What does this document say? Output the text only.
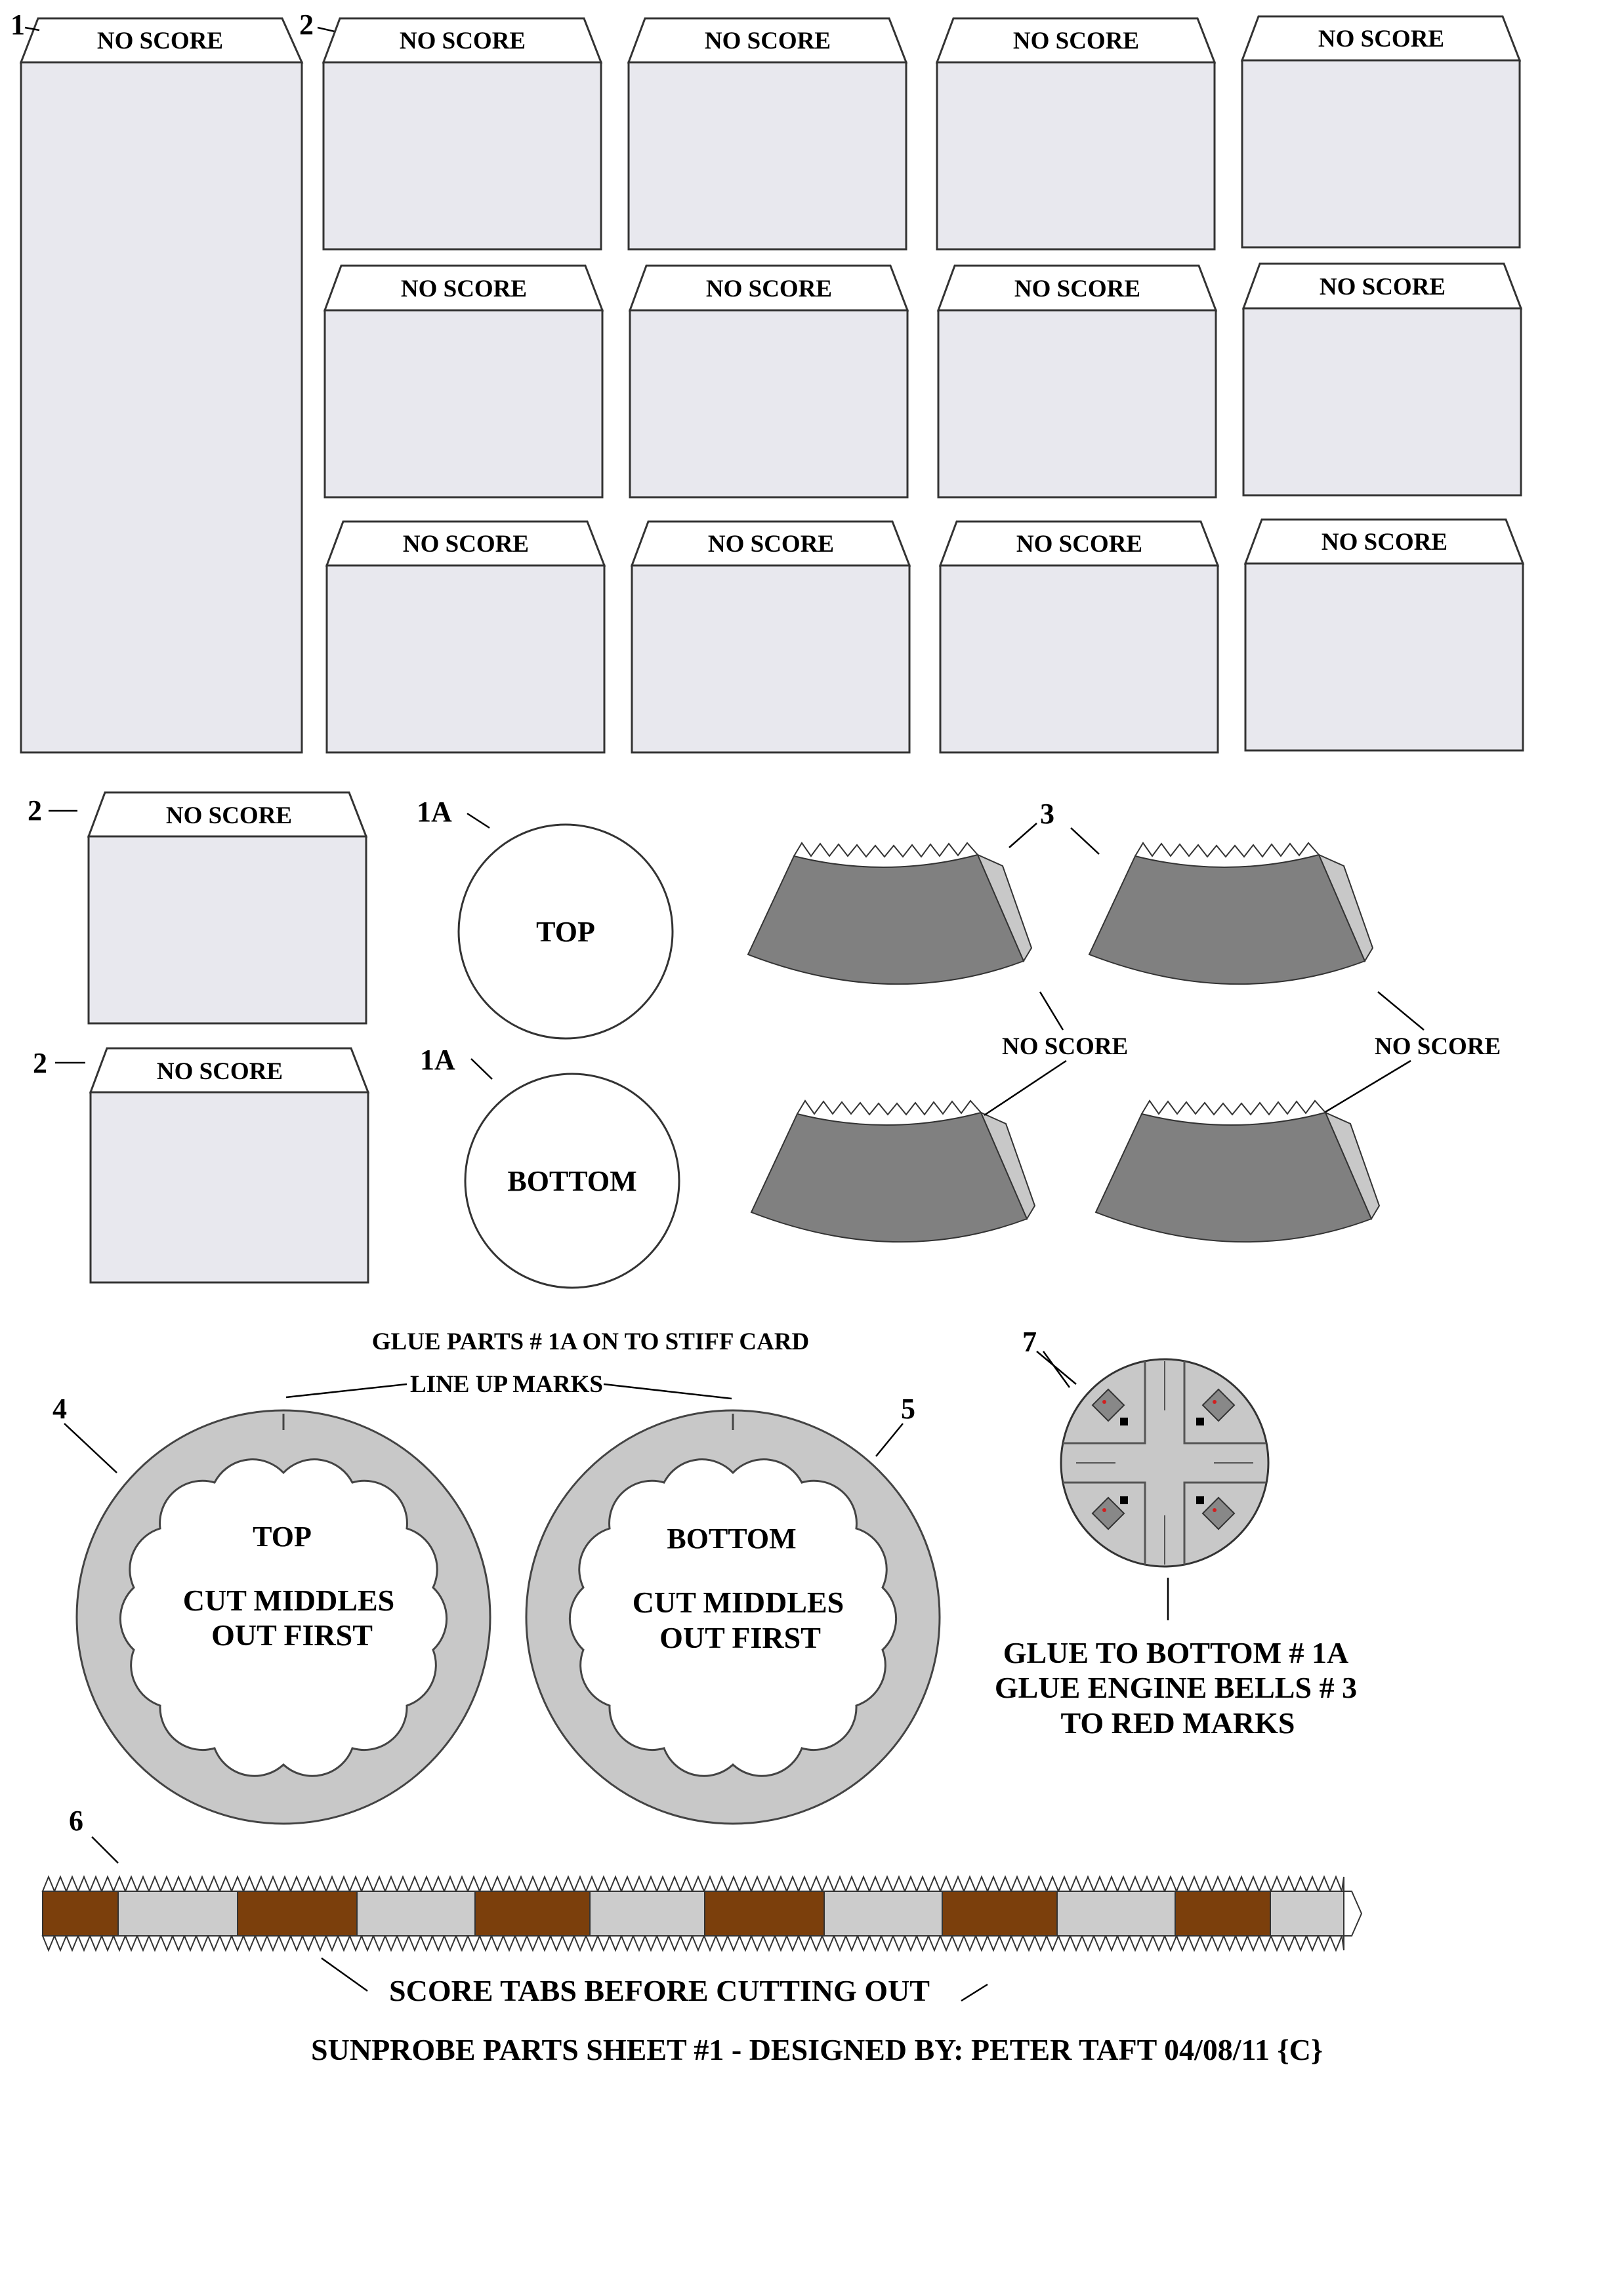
NO SCORE
1	2
NO SCORE	NO SCORE	NO SCORE	NO SCORE
NO SCORE	NO SCORE	NO SCORE	NO SCORE
NO SCORE	NO SCORE	NO SCORE	NO SCORE
NO SCORE
2
NO SCORE
2
TOP
1A
BOTTOM
1A
3
NO SCORE	NO SCORE
GLUE PARTS # 1A ON TO STIFF CARD
LINE UP MARKS
TOP
CUT MIDDLES
OUT FIRST
4
BOTTOM
CUT MIDDLES
OUT FIRST
5
7
GLUE TO BOTTOM # 1A
GLUE ENGINE BELLS # 3
TO RED MARKS
6
SCORE TABS BEFORE CUTTING OUT
SUNPROBE PARTS SHEET #1 - DESIGNED BY: PETER TAFT 04/08/11 {C}
